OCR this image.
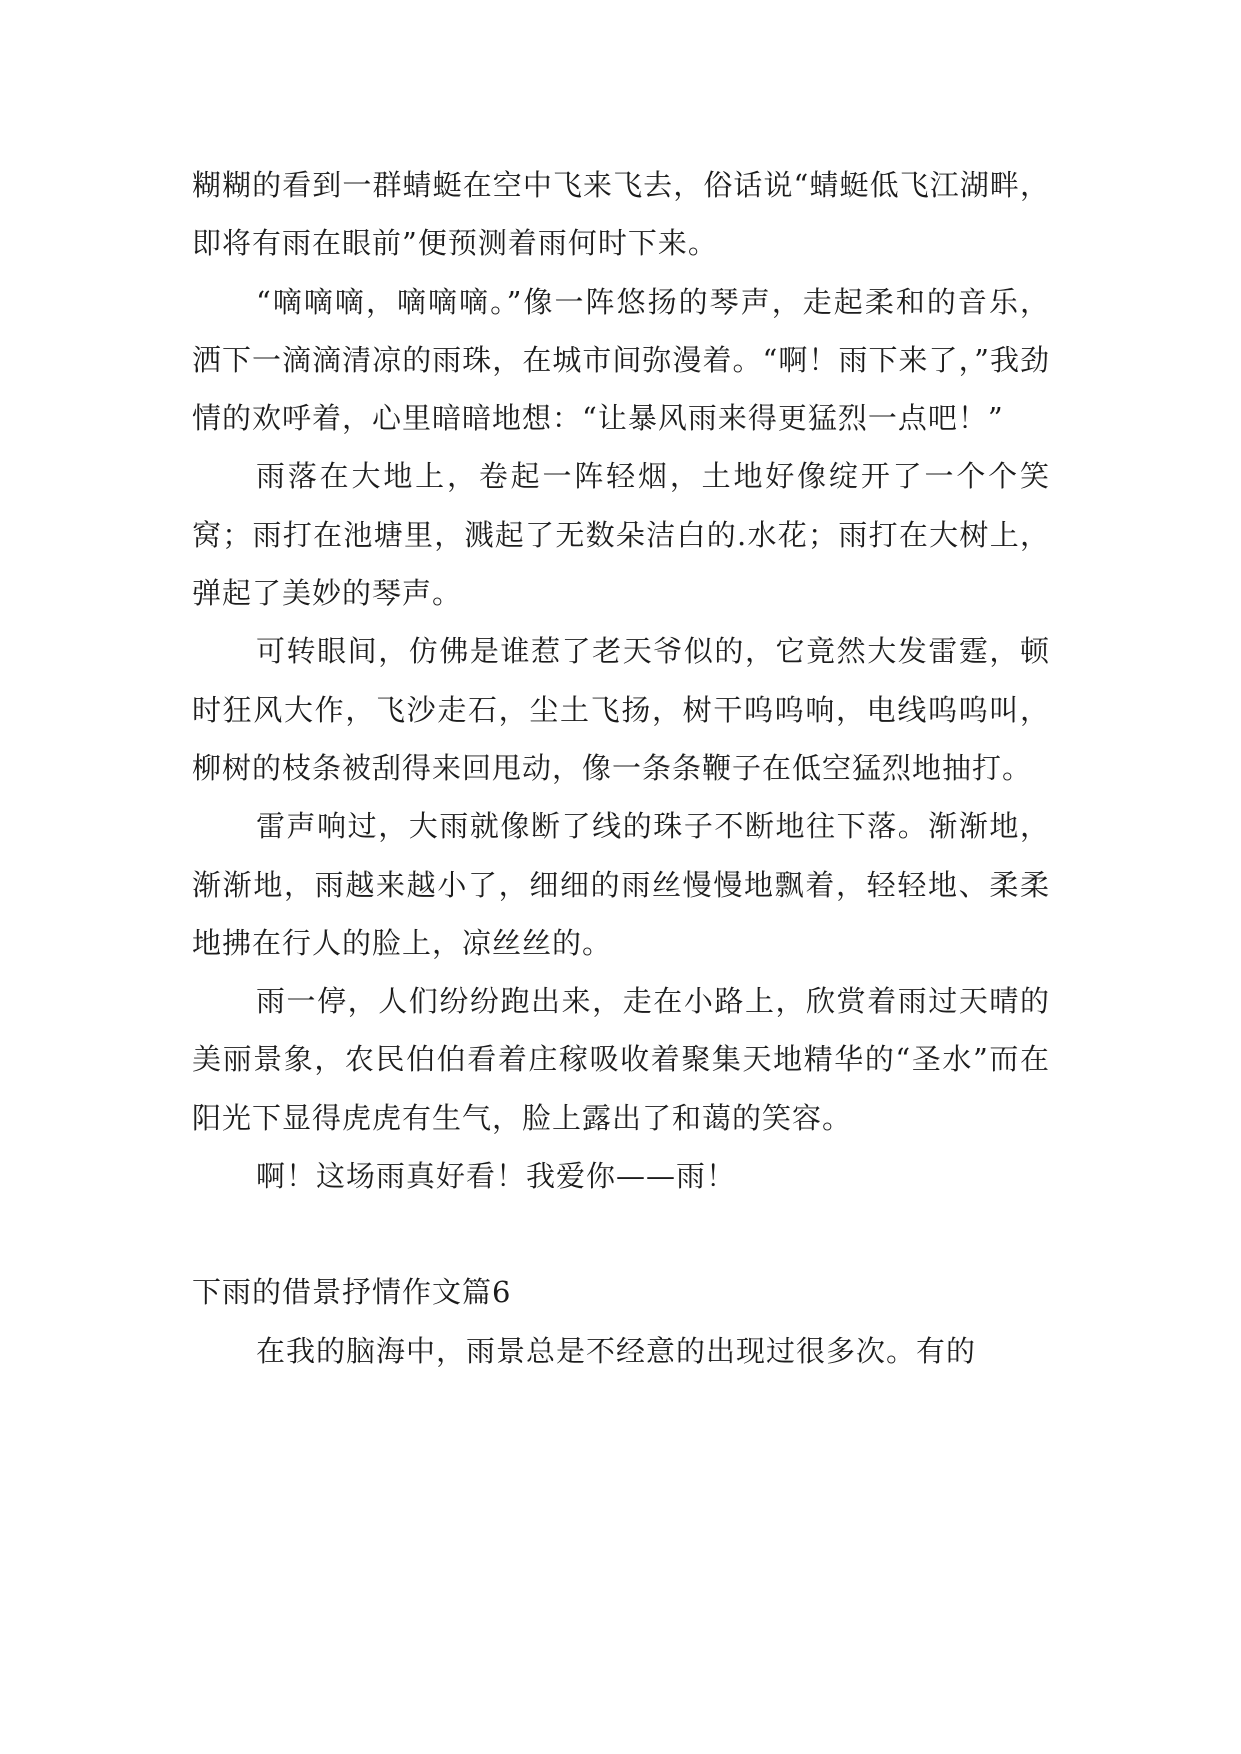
糊糊的看到一群蜻蜓在空中飞来飞去，俗话说“蜻蜓低飞江湖畔，即将有雨在眼前”便预测着雨何时下来。

“嘀嘀嘀，嘀嘀嘀。”像一阵悠扬的琴声，走起柔和的音乐，洒下一滴滴清凉的雨珠，在城市间弥漫着。“啊！雨下来了，”我劲情的欢呼着，心里暗暗地想：“让暴风雨来得更猛烈一点吧！”

雨落在大地上，卷起一阵轻烟，土地好像绽开了一个个笑窝；雨打在池塘里，溅起了无数朵洁白的.水花；雨打在大树上，弹起了美妙的琴声。

可转眼间，仿佛是谁惹了老天爷似的，它竟然大发雷霆，顿时狂风大作，飞沙走石，尘土飞扬，树干呜呜响，电线呜呜叫，柳树的枝条被刮得来回甩动，像一条条鞭子在低空猛烈地抽打。

雷声响过，大雨就像断了线的珠子不断地往下落。渐渐地，渐渐地，雨越来越小了，细细的雨丝慢慢地飘着，轻轻地、柔柔地拂在行人的脸上，凉丝丝的。

雨一停，人们纷纷跑出来，走在小路上，欣赏着雨过天晴的美丽景象，农民伯伯看着庄稼吸收着聚集天地精华的“圣水”而在阳光下显得虎虎有生气，脸上露出了和蔼的笑容。

啊！这场雨真好看！我爱你——雨！

下雨的借景抒情作文篇6

在我的脑海中，雨景总是不经意的出现过很多次。有的
